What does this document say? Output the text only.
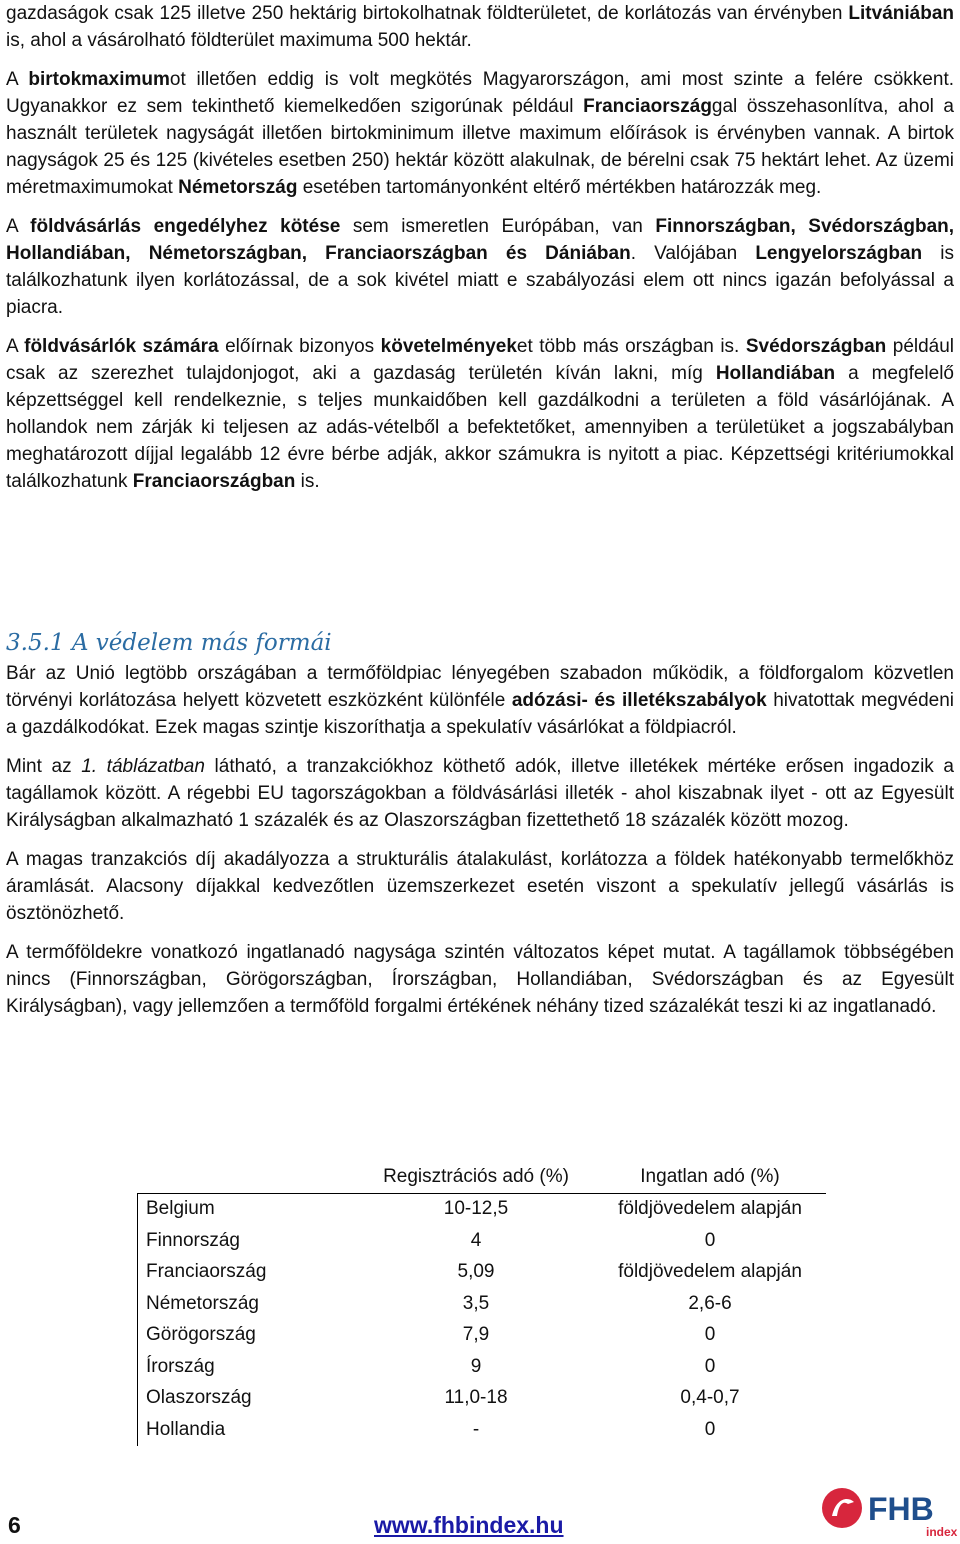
gazdaságok csak 125 illetve 250 hektárig birtokolhatnak földterületet, de korlátozás van érvényben Litvániában is, ahol a vásárolható földterület maximuma 500 hektár.

A birtokmaximumot illetően eddig is volt megkötés Magyarországon, ami most szinte a felére csökkent. Ugyanakkor ez sem tekinthető kiemelkedően szigorúnak például Franciaországgal összehasonlítva, ahol a használt területek nagyságát illetően birtokminimum illetve maximum előírások is érvényben vannak. A birtok nagyságok 25 és 125 (kivételes esetben 250) hektár között alakulnak, de bérelni csak 75 hektárt lehet. Az üzemi méretmaximumokat Németország esetében tartományonként eltérő mértékben határozzák meg.

A földvásárlás engedélyhez kötése sem ismeretlen Európában, van Finnországban, Svédországban, Hollandiában, Németországban, Franciaországban és Dániában. Valójában Lengyelországban is találkozhatunk ilyen korlátozással, de a sok kivétel miatt e szabályozási elem ott nincs igazán befolyással a piacra.

A földvásárlók számára előírnak bizonyos követelményeket több más országban is. Svédországban például csak az szerezhet tulajdonjogot, aki a gazdaság területén kíván lakni, míg Hollandiában a megfelelő képzettséggel kell rendelkeznie, s teljes munkaidőben kell gazdálkodni a területen a föld vásárlójának. A hollandok nem zárják ki teljesen az adás-vételből a befektetőket, amennyiben a területüket a jogszabályban meghatározott díjjal legalább 12 évre bérbe adják, akkor számukra is nyitott a piac. Képzettségi kritériumokkal találkozhatunk Franciaországban is.

3.5.1 A védelem más formái

Bár az Unió legtöbb országában a termőföldpiac lényegében szabadon működik, a földforgalom közvetlen törvényi korlátozása helyett közvetett eszközként különféle adózási- és illetékszabályok hivatottak megvédeni a gazdálkodókat. Ezek magas szintje kiszoríthatja a spekulatív vásárlókat a földpiacról.

Mint az 1. táblázatban látható, a tranzakciókhoz köthető adók, illetve illetékek mértéke erősen ingadozik a tagállamok között. A régebbi EU tagországokban a földvásárlási illeték - ahol kiszabnak ilyet - ott az Egyesült Királyságban alkalmazható 1 százalék és az Olaszországban fizettethető 18 százalék között mozog.

A magas tranzakciós díj akadályozza a strukturális átalakulást, korlátozza a földek hatékonyabb termelőkhöz áramlását. Alacsony díjakkal kedvezőtlen üzemszerkezet esetén viszont a spekulatív jellegű vásárlás is ösztönözhető.

A termőföldekre vonatkozó ingatlanadó nagysága szintén változatos képet mutat. A tagállamok többségében nincs (Finnországban, Görögországban, Írországban, Hollandiában, Svédországban és az Egyesült Királyságban), vagy jellemzően a termőföld forgalmi értékének néhány tized százalékát teszi ki az ingatlanadó.

	Regisztrációs adó (%)	Ingatlan adó (%)
Belgium	10-12,5	földjövedelem alapján
Finnország	4	0
Franciaország	5,09	földjövedelem alapján
Németország	3,5	2,6-6
Görögország	7,9	0
Írország	9	0
Olaszország	11,0-18	0,4-0,7
Hollandia	-	0
6	www.fhbindex.hu	FHB
index
